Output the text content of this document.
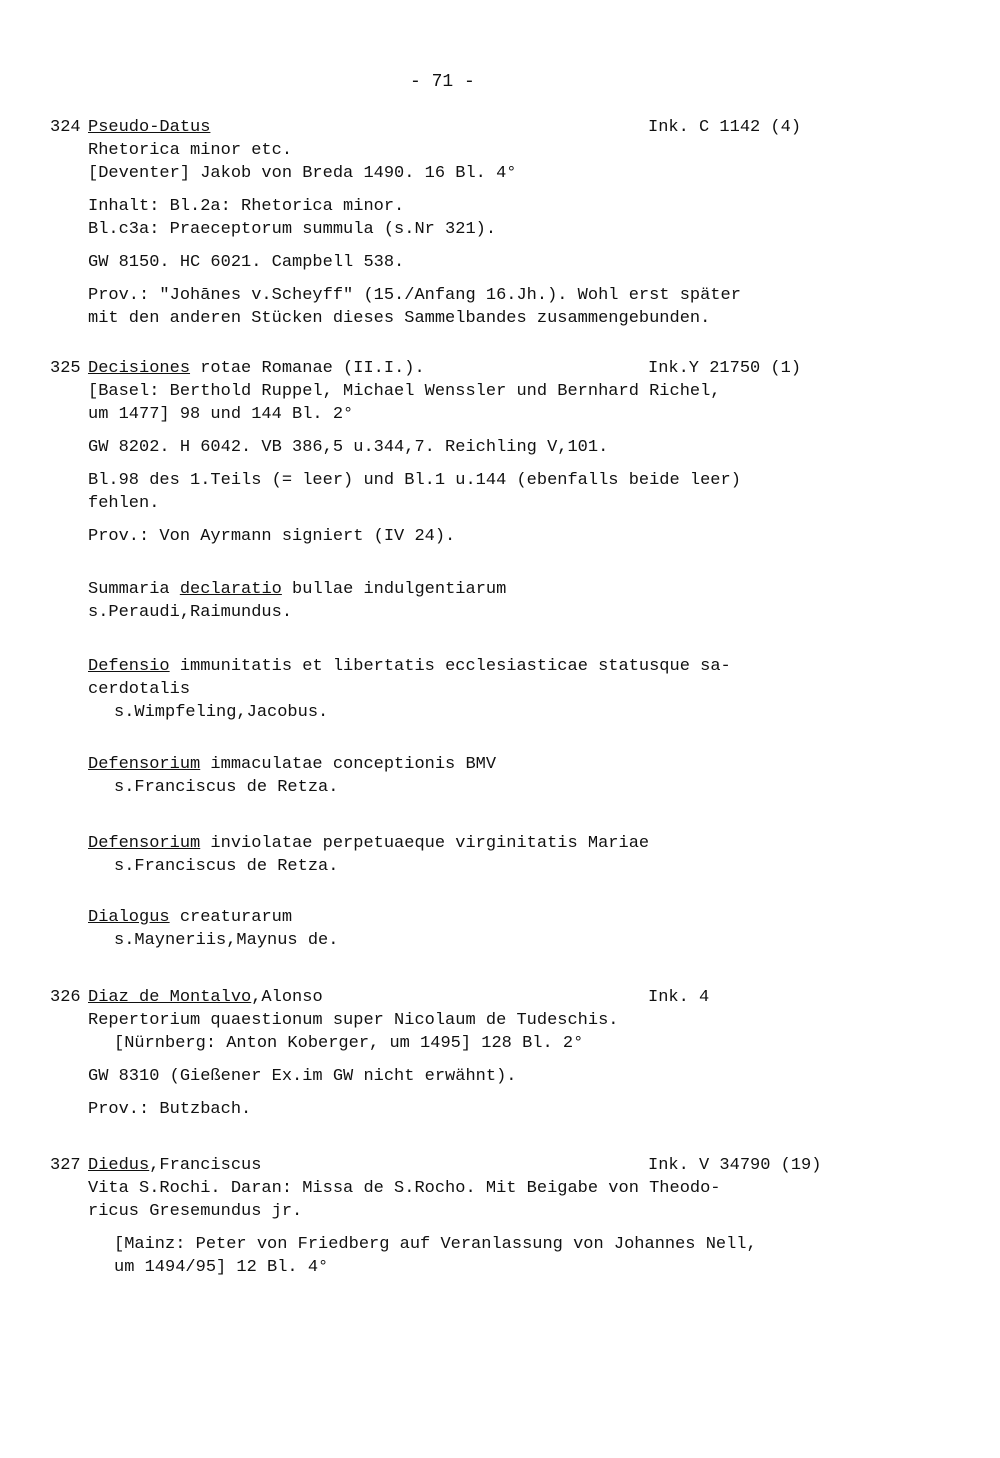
- 71 -
324 Pseudo-Datus	Ink. C 1142 (4)
Rhetorica minor etc.
[Deventer] Jakob von Breda 1490. 16 Bl. 4°
Inhalt: Bl.2a: Rhetorica minor.
Bl.c3a: Praeceptorum summula (s.Nr 321).
GW 8150. HC 6021. Campbell 538.
Prov.: "Johānes v.Scheyff" (15./Anfang 16.Jh.). Wohl erst später
mit den anderen Stücken dieses Sammelbandes zusammengebunden.
325 Decisiones rotae Romanae (II.I.).	Ink.Y 21750 (1)
[Basel: Berthold Ruppel, Michael Wenssler und Bernhard Richel,
um 1477] 98 und 144 Bl. 2°
GW 8202. H 6042. VB 386,5 u.344,7. Reichling V,101.
Bl.98 des 1.Teils (= leer) und Bl.1 u.144 (ebenfalls beide leer)
fehlen.
Prov.: Von Ayrmann signiert (IV 24).
Summaria declaratio bullae indulgentiarum
s.Peraudi,Raimundus.
Defensio immunitatis et libertatis ecclesiasticae statusque sa-
cerdotalis
s.Wimpfeling,Jacobus.
Defensorium immaculatae conceptionis BMV
s.Franciscus de Retza.
Defensorium inviolatae perpetuaeque virginitatis Mariae
s.Franciscus de Retza.
Dialogus creaturarum
s.Mayneriis,Maynus de.
326 Diaz de Montalvo,Alonso	Ink. 4
Repertorium quaestionum super Nicolaum de Tudeschis.
[Nürnberg: Anton Koberger, um 1495] 128 Bl. 2°
GW 8310 (Gießener Ex.im GW nicht erwähnt).
Prov.: Butzbach.
327 Diedus,Franciscus	Ink. V 34790 (19)
Vita S.Rochi. Daran: Missa de S.Rocho. Mit Beigabe von Theodo-
ricus Gresemundus jr.
[Mainz: Peter von Friedberg auf Veranlassung von Johannes Nell,
um 1494/95] 12 Bl. 4°
